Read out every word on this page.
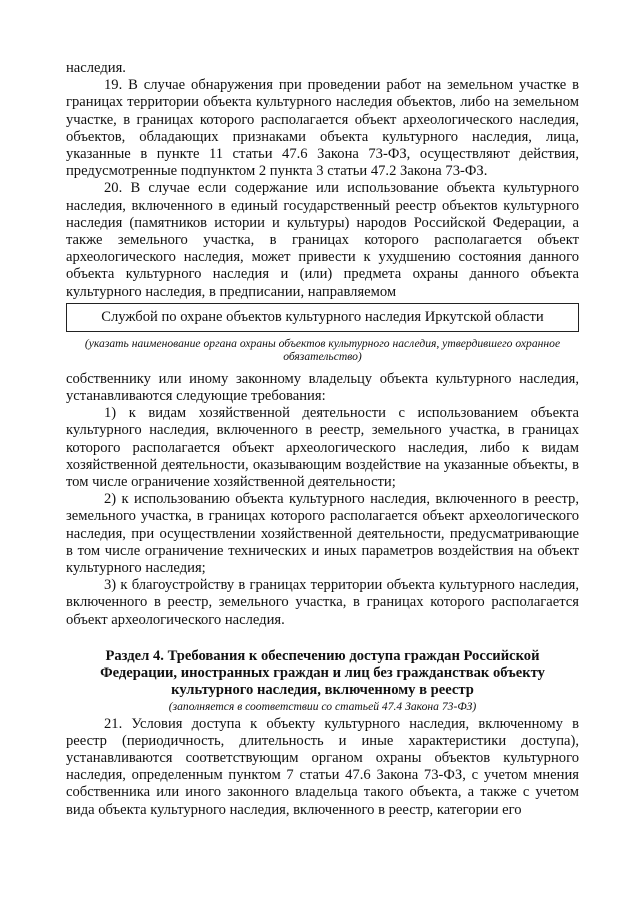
наследия.

19. В случае обнаружения при проведении работ на земельном участке в границах территории объекта культурного наследия объектов, либо на земельном участке, в границах которого располагается объект археологического наследия, объектов, обладающих признаками объекта культурного наследия, лица, указанные в пункте 11 статьи 47.6 Закона 73-ФЗ, осуществляют действия, предусмотренные подпунктом 2 пункта 3 статьи 47.2 Закона 73-ФЗ.

20. В случае если содержание или использование объекта культурного наследия, включенного в единый государственный реестр объектов культурного наследия (памятников истории и культуры) народов Российской Федерации, а также земельного участка, в границах которого располагается объект археологического наследия, может привести к ухудшению состояния данного объекта культурного наследия и (или) предмета охраны данного объекта культурного наследия, в предписании, направляемом

Службой по охране объектов культурного наследия Иркутской области
(указать наименование органа охраны объектов культурного наследия, утвердившего охранное обязательство)

собственнику или иному законному владельцу объекта культурного наследия, устанавливаются следующие требования:

1) к видам хозяйственной деятельности с использованием объекта культурного наследия, включенного в реестр, земельного участка, в границах которого располагается объект археологического наследия, либо к видам хозяйственной деятельности, оказывающим воздействие на указанные объекты, в том числе ограничение хозяйственной деятельности;

2) к использованию объекта культурного наследия, включенного в реестр, земельного участка, в границах которого располагается объект археологического наследия, при осуществлении хозяйственной деятельности, предусматривающие в том числе ограничение технических и иных параметров воздействия на объект культурного наследия;

3) к благоустройству в границах территории объекта культурного наследия, включенного в реестр, земельного участка, в границах которого располагается объект археологического наследия.

Раздел 4. Требования к обеспечению доступа граждан Российской Федерации, иностранных граждан и лиц без гражданствак объекту культурного наследия, включенному в реестр
(заполняется в соответствии со статьей 47.4 Закона 73-ФЗ)

21. Условия доступа к объекту культурного наследия, включенному в реестр (периодичность, длительность и иные характеристики доступа), устанавливаются соответствующим органом охраны объектов культурного наследия, определенным пунктом 7 статьи 47.6 Закона 73-ФЗ, с учетом мнения собственника или иного законного владельца такого объекта, а также с учетом вида объекта культурного наследия, включенного в реестр, категории его
